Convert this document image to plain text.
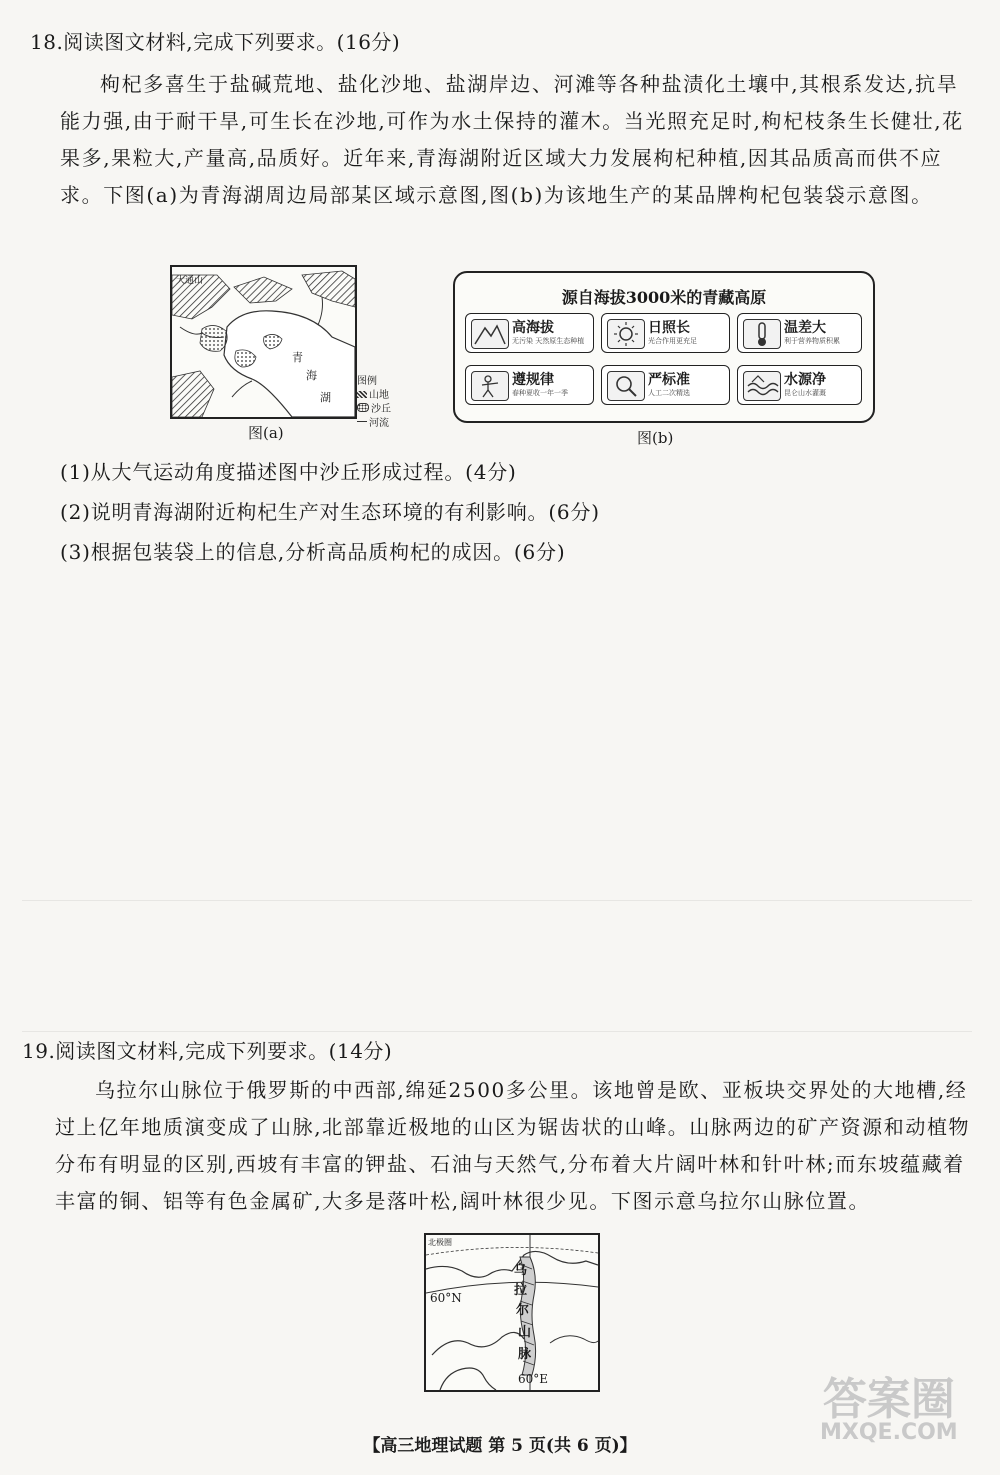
18.阅读图文材料,完成下列要求。(16分)
枸杞多喜生于盐碱荒地、盐化沙地、盐湖岸边、河滩等各种盐渍化土壤中,其根系发达,抗旱能力强,由于耐干旱,可生长在沙地,可作为水土保持的灌木。当光照充足时,枸杞枝条生长健壮,花果多,果粒大,产量高,品质好。近年来,青海湖附近区域大力发展枸杞种植,因其品质高而供不应求。下图(a)为青海湖周边局部某区域示意图,图(b)为该地生产的某品牌枸杞包装袋示意图。
大通山
青
海
湖
图例
山地
沙丘
河流
图(a)
源自海拔3000米的青藏高原
高海拔
无污染 天然原生态种植
日照长
光合作用更充足
温差大
利于营养物质积累
遵规律
春种夏收一年一季
严标准
人工二次精选
水源净
昆仑山水灌溉
图(b)
(1)从大气运动角度描述图中沙丘形成过程。(4分)
(2)说明青海湖附近枸杞生产对生态环境的有利影响。(6分)
(3)根据包装袋上的信息,分析高品质枸杞的成因。(6分)
19.阅读图文材料,完成下列要求。(14分)
乌拉尔山脉位于俄罗斯的中西部,绵延2500多公里。该地曾是欧、亚板块交界处的大地槽,经过上亿年地质演变成了山脉,北部靠近极地的山区为锯齿状的山峰。山脉两边的矿产资源和动植物分布有明显的区别,西坡有丰富的钾盐、石油与天然气,分布着大片阔叶林和针叶林;而东坡蕴藏着丰富的铜、铝等有色金属矿,大多是落叶松,阔叶林很少见。下图示意乌拉尔山脉位置。
北极圈
60°N
60°E
乌
拉
尔
山
脉
答案圈
MXQE.COM
【高三地理试题 第 5 页(共 6 页)】
